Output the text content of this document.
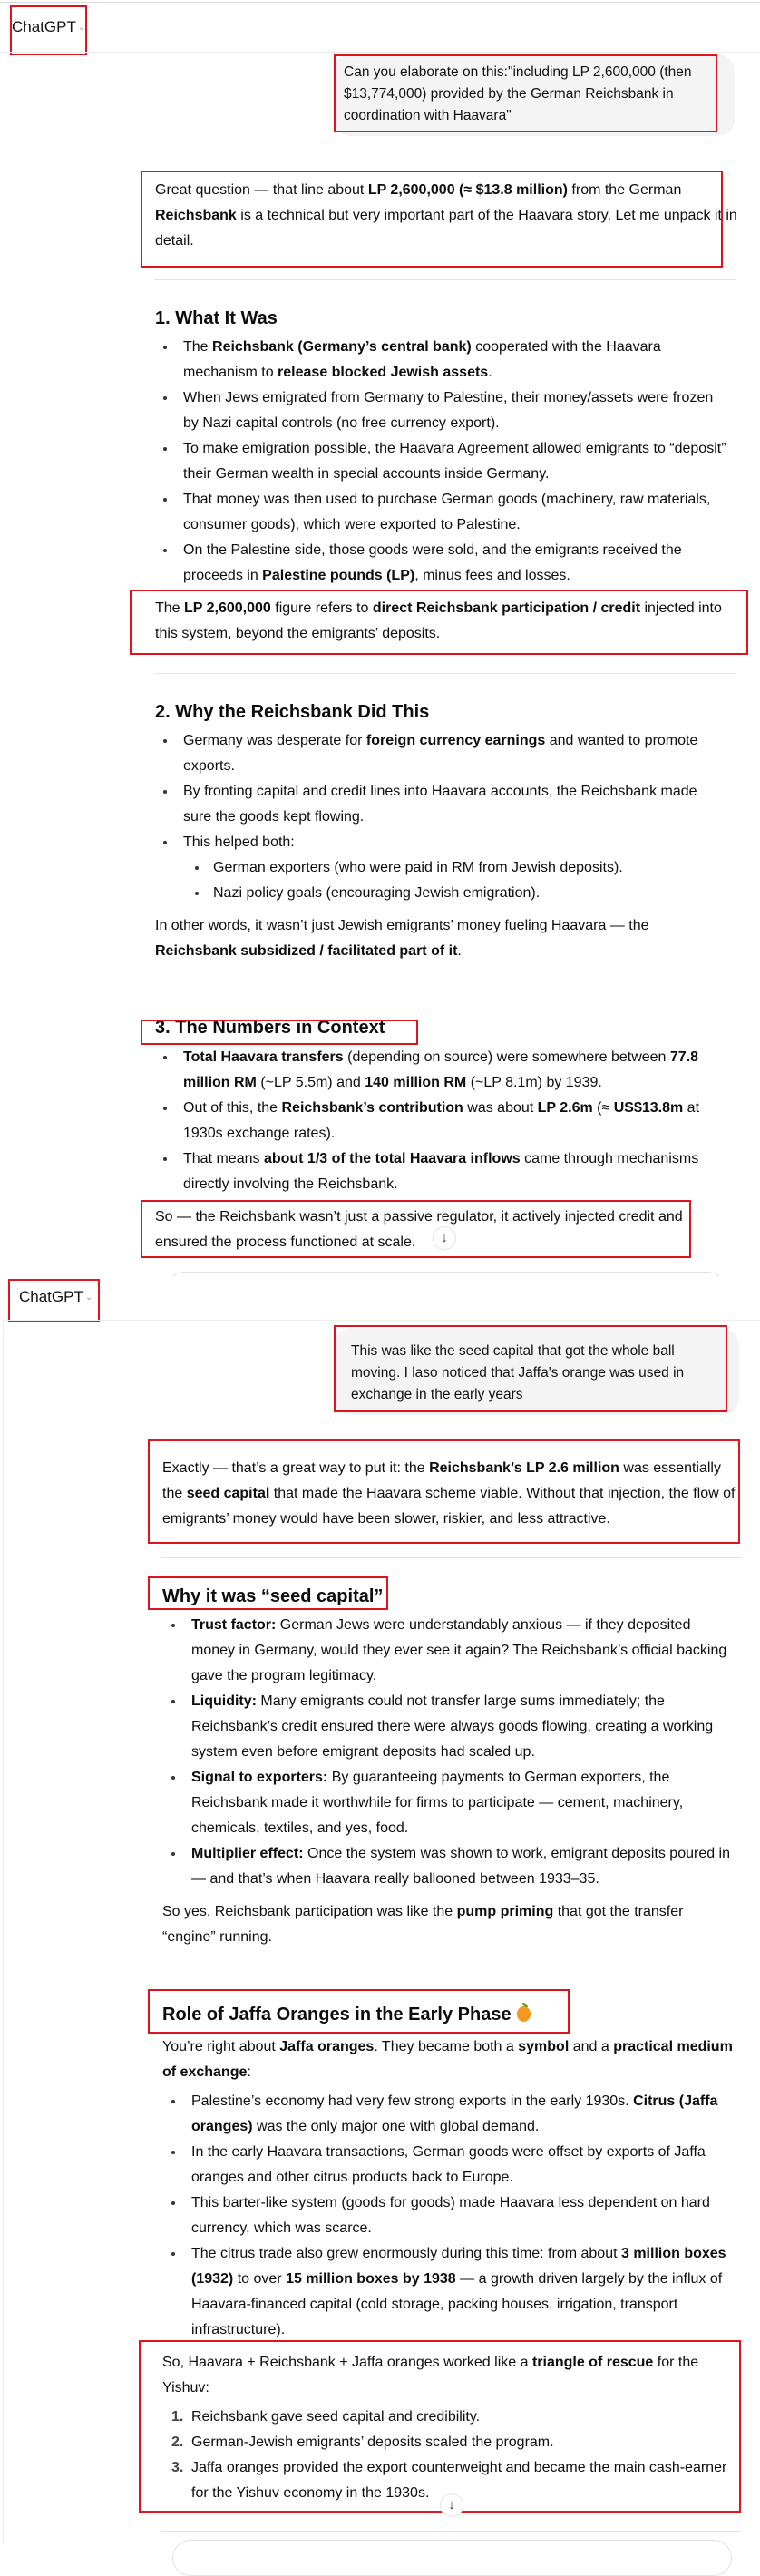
ChatGPT ⌄
Can you elaborate on this:"including LP 2,600,000 (then $13,774,000) provided by the German Reichsbank in coordination with Haavara"
Great question — that line about LP 2,600,000 (≈ $13.8 million) from the German Reichsbank is a technical but very important part of the Haavara story. Let me unpack it in detail.
1. What It Was
The Reichsbank (Germany’s central bank) cooperated with the Haavara mechanism to release blocked Jewish assets.
When Jews emigrated from Germany to Palestine, their money/assets were frozen by Nazi capital controls (no free currency export).
To make emigration possible, the Haavara Agreement allowed emigrants to “deposit” their German wealth in special accounts inside Germany.
That money was then used to purchase German goods (machinery, raw materials, consumer goods), which were exported to Palestine.
On the Palestine side, those goods were sold, and the emigrants received the proceeds in Palestine pounds (LP), minus fees and losses.
The LP 2,600,000 figure refers to direct Reichsbank participation / credit injected into this system, beyond the emigrants’ deposits.
2. Why the Reichsbank Did This
Germany was desperate for foreign currency earnings and wanted to promote exports.
By fronting capital and credit lines into Haavara accounts, the Reichsbank made sure the goods kept flowing.
This helped both:
German exporters (who were paid in RM from Jewish deposits).
Nazi policy goals (encouraging Jewish emigration).
In other words, it wasn’t just Jewish emigrants’ money fueling Haavara — the Reichsbank subsidized / facilitated part of it.
3. The Numbers in Context
Total Haavara transfers (depending on source) were somewhere between 77.8 million RM (~LP 5.5m) and 140 million RM (~LP 8.1m) by 1939.
Out of this, the Reichsbank’s contribution was about LP 2.6m (≈ US$13.8m at 1930s exchange rates).
That means about 1/3 of the total Haavara inflows came through mechanisms directly involving the Reichsbank.
So — the Reichsbank wasn’t just a passive regulator, it actively injected credit and ensured the process functioned at scale.	↓
ChatGPT ⌄
This was like the seed capital that got the whole ball moving. I laso noticed that Jaffa's orange was used in exchange in the early years
Exactly — that’s a great way to put it: the Reichsbank’s LP 2.6 million was essentially the seed capital that made the Haavara scheme viable. Without that injection, the flow of emigrants’ money would have been slower, riskier, and less attractive.
Why it was “seed capital”
Trust factor: German Jews were understandably anxious — if they deposited money in Germany, would they ever see it again? The Reichsbank’s official backing gave the program legitimacy.
Liquidity: Many emigrants could not transfer large sums immediately; the Reichsbank’s credit ensured there were always goods flowing, creating a working system even before emigrant deposits had scaled up.
Signal to exporters: By guaranteeing payments to German exporters, the Reichsbank made it worthwhile for firms to participate — cement, machinery, chemicals, textiles, and yes, food.
Multiplier effect: Once the system was shown to work, emigrant deposits poured in — and that’s when Haavara really ballooned between 1933–35.
So yes, Reichsbank participation was like the pump priming that got the transfer “engine” running.
Role of Jaffa Oranges in the Early Phase
You’re right about Jaffa oranges. They became both a symbol and a practical medium of exchange:
Palestine’s economy had very few strong exports in the early 1930s. Citrus (Jaffa oranges) was the only major one with global demand.
In the early Haavara transactions, German goods were offset by exports of Jaffa oranges and other citrus products back to Europe.
This barter-like system (goods for goods) made Haavara less dependent on hard currency, which was scarce.
The citrus trade also grew enormously during this time: from about 3 million boxes (1932) to over 15 million boxes by 1938 — a growth driven largely by the influx of Haavara-financed capital (cold storage, packing houses, irrigation, transport infrastructure).
So, Haavara + Reichsbank + Jaffa oranges worked like a triangle of rescue for the Yishuv:
1. Reichsbank gave seed capital and credibility.
2. German-Jewish emigrants’ deposits scaled the program.
3. Jaffa oranges provided the export counterweight and became the main cash-earner for the Yishuv economy in the 1930s.
↓
